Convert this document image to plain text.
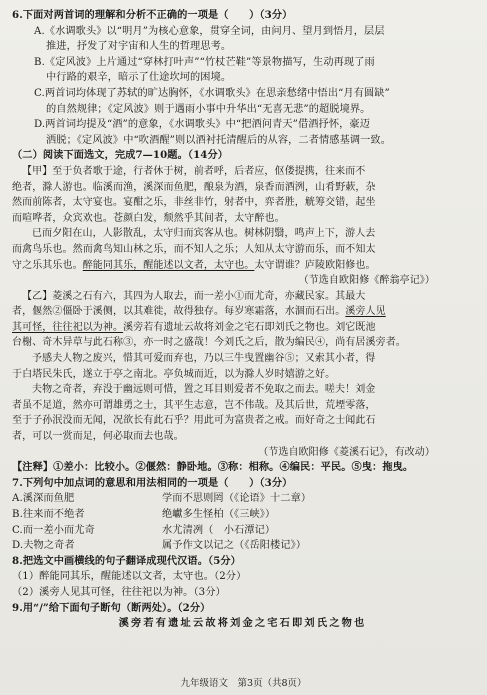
6.下面对两首词的理解和分析不正确的一项是（　　）（3分）
A.《水调歌头》以“明月”为核心意象，贯穿全词，由问月、望月到悟月，层层
推进，抒发了对宇宙和人生的哲理思考。
B.《定风波》上片通过“穿林打叶声”“竹杖芒鞋”等景物描写，生动再现了雨
中行路的艰辛，暗示了仕途坎坷的困境。
C.两首词均体现了苏轼的旷达胸怀，《水调歌头》在思亲愁绪中悟出“月有圆缺”
的自然规律；《定风波》则于遇雨小事中升华出“无喜无悲”的超脱境界。
D.两首词均提及“酒”的意象，《水调歌头》中“把酒问青天”借酒抒怀，豪迈
洒脱；《定风波》中“吹酒醒”则以酒衬托清醒后的从容，二者情感基调一致。
（二）阅读下面选文，完成7—10题。（14分）
【甲】至于负者歌于途，行者休于树，前者呼，后者应，伛偻提携，往来而不
绝者，滁人游也。临溪而渔，溪深而鱼肥，酿泉为酒，泉香而酒洌，山肴野蔌，杂
然而前陈者，太守宴也。宴酣之乐，非丝非竹，射者中，弈者胜，觥筹交错，起坐
而喧哗者，众宾欢也。苍颜白发，颓然乎其间者，太守醉也。
已而夕阳在山，人影散乱，太守归而宾客从也。树林阴翳，鸣声上下，游人去
而禽鸟乐也。然而禽鸟知山林之乐，而不知人之乐；人知从太守游而乐，而不知太
守之乐其乐也。醉能同其乐，醒能述以文者，太守也。太守谓谁？庐陵欧阳修也。
（节选自欧阳修《醉翁亭记》）
【乙】菱溪之石有六，其四为人取去，而一差小①而尤奇，亦藏民家。其最大
者，偃然②僵卧于溪侧，以其难徙，故得独存。每岁寒霜落，水涸而石出。溪旁人见
其可怪，往往祀以为神。溪旁若有遗址云故将刘金之宅石即刘氏之物也。刘它既池
台榭、奇木异草与此石称③，亦一时之盛哉！今刘氏之后，散为编民④，尚有居溪旁者。
予感夫人物之废兴，惜其可爱而弃也，乃以三牛曳置幽谷⑤；又索其小者，得
于白塔民朱氏，遂立于亭之南北。亭负城而近，以为滁人岁时嬉游之好。
夫物之奇者，弃没于幽远则可惜，置之耳目则爱者不免取之而去。嗟夫！刘金
者虽不足道，然亦可谓雄勇之士，其平生志意，岂不伟哉。及其后世，荒堙零落，
至于子孙泯没而无闻，况欲长有此石乎？用此可为富贵者之戒。而好奇之士闻此石
者，可以一赏而足，何必取而去也哉。
（节选自欧阳修《菱溪石记》，有改动）
【注释】①差小：比较小。②偃然：静卧地。③称：相称。④编民：平民。⑤曳：拖曳。
7.下列句中加点词的意思和用法相同的一项是（　　）（3分）
A.溪深而鱼肥	学而不思则罔（《论语》十二章）
B.往来而不绝者	绝巘多生怪柏（《三峡》）
C.而一差小而尤奇	水尤清冽（　小石潭记）
D.夫物之奇者	属予作文以记之（《岳阳楼记》）
8.把选文中画横线的句子翻译成现代汉语。（5分）
（1）醉能同其乐，醒能述以文者，太守也。（2分）
（2）溪旁人见其可怪，往往祀以为神。（3分）
9.用“/”给下面句子断句（断两处）。（2分）
溪旁若有遗址云故将刘金之宅石即刘氏之物也
九年级语文　第3页（共8页）
